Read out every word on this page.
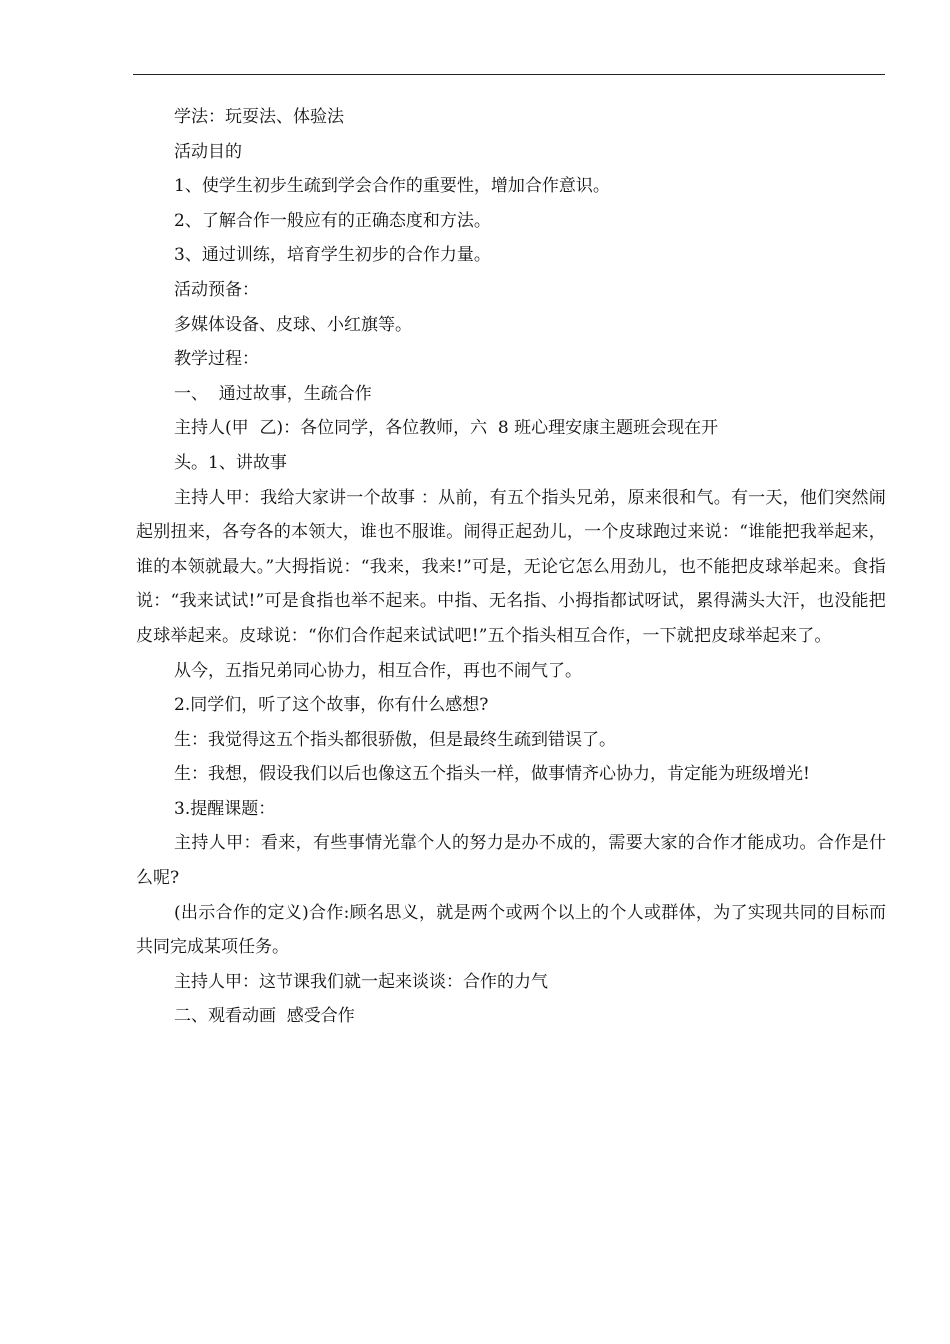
学法：玩耍法、体验法

活动目的

1、使学生初步生疏到学会合作的重要性，增加合作意识。

2、了解合作一般应有的正确态度和方法。

3、通过训练，培育学生初步的合作力量。

活动预备：

多媒体设备、皮球、小红旗等。

教学过程：

一、  通过故事，生疏合作

主持人(甲  乙)：各位同学，各位教师，六  8 班心理安康主题班会现在开

头。1、讲故事

主持人甲：我给大家讲一个故事 ：从前，有五个指头兄弟，原来很和气。有一天，他们突然闹起别扭来，各夸各的本领大，谁也不服谁。闹得正起劲儿，一个皮球跑过来说：“谁能把我举起来，谁的本领就最大。”大拇指说：“我来，我来!”可是，无论它怎么用劲儿，也不能把皮球举起来。食指说：“我来试试!”可是食指也举不起来。中指、无名指、小拇指都试呀试，累得满头大汗，也没能把皮球举起来。皮球说：“你们合作起来试试吧!”五个指头相互合作，一下就把皮球举起来了。

从今，五指兄弟同心协力，相互合作，再也不闹气了。

2.同学们，听了这个故事，你有什么感想?

生：我觉得这五个指头都很骄傲，但是最终生疏到错误了。

生：我想，假设我们以后也像这五个指头一样，做事情齐心协力，肯定能为班级增光!

3.提醒课题：

主持人甲：看来，有些事情光靠个人的努力是办不成的，需要大家的合作才能成功。合作是什么呢?

(出示合作的定义)合作:顾名思义，就是两个或两个以上的个人或群体，为了实现共同的目标而共同完成某项任务。

主持人甲：这节课我们就一起来谈谈：合作的力气

二、观看动画  感受合作
